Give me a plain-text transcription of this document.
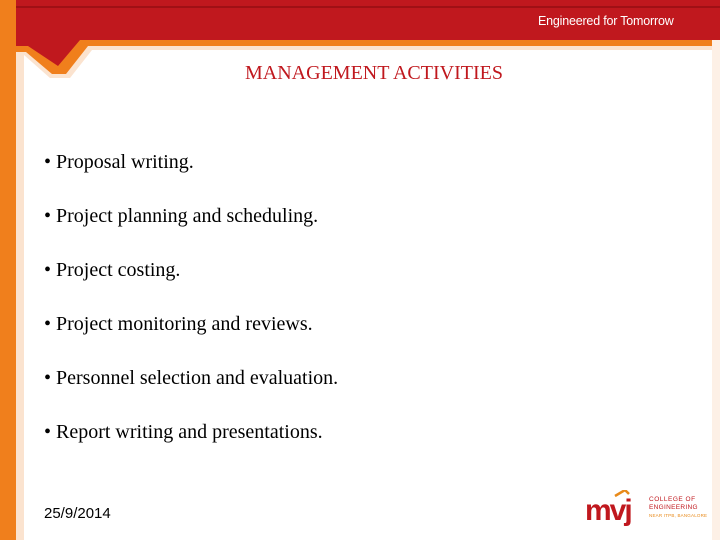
Engineered for Tomorrow
MANAGEMENT ACTIVITIES
• Proposal writing.
• Project planning and scheduling.
• Project costing.
• Project monitoring and reviews.
• Personnel selection and evaluation.
• Report writing and presentations.
25/9/2014	mvj	COLLEGE OF
ENGINEERING
NEAR ITPB, BANGALORE
